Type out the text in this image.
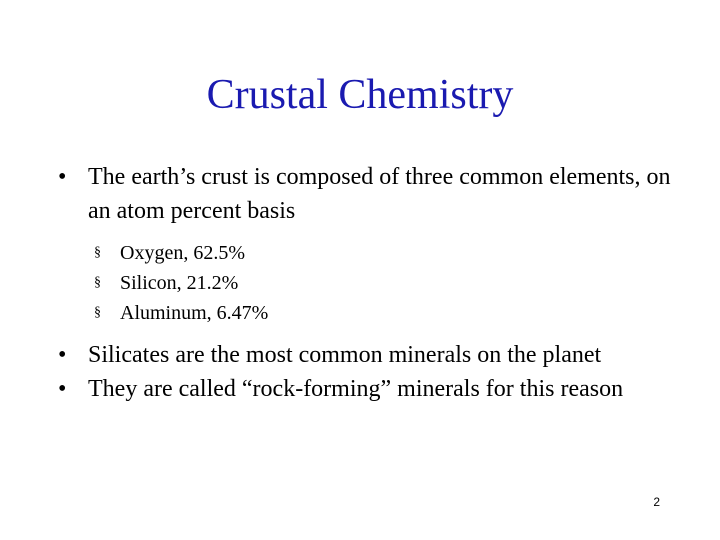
Crustal Chemistry
• The earth’s crust is composed of three common elements, on an atom percent basis
§ Oxygen, 62.5%
§ Silicon, 21.2%
§ Aluminum, 6.47%
• Silicates are the most common minerals on the planet
• They are called “rock-forming” minerals for this reason
2
